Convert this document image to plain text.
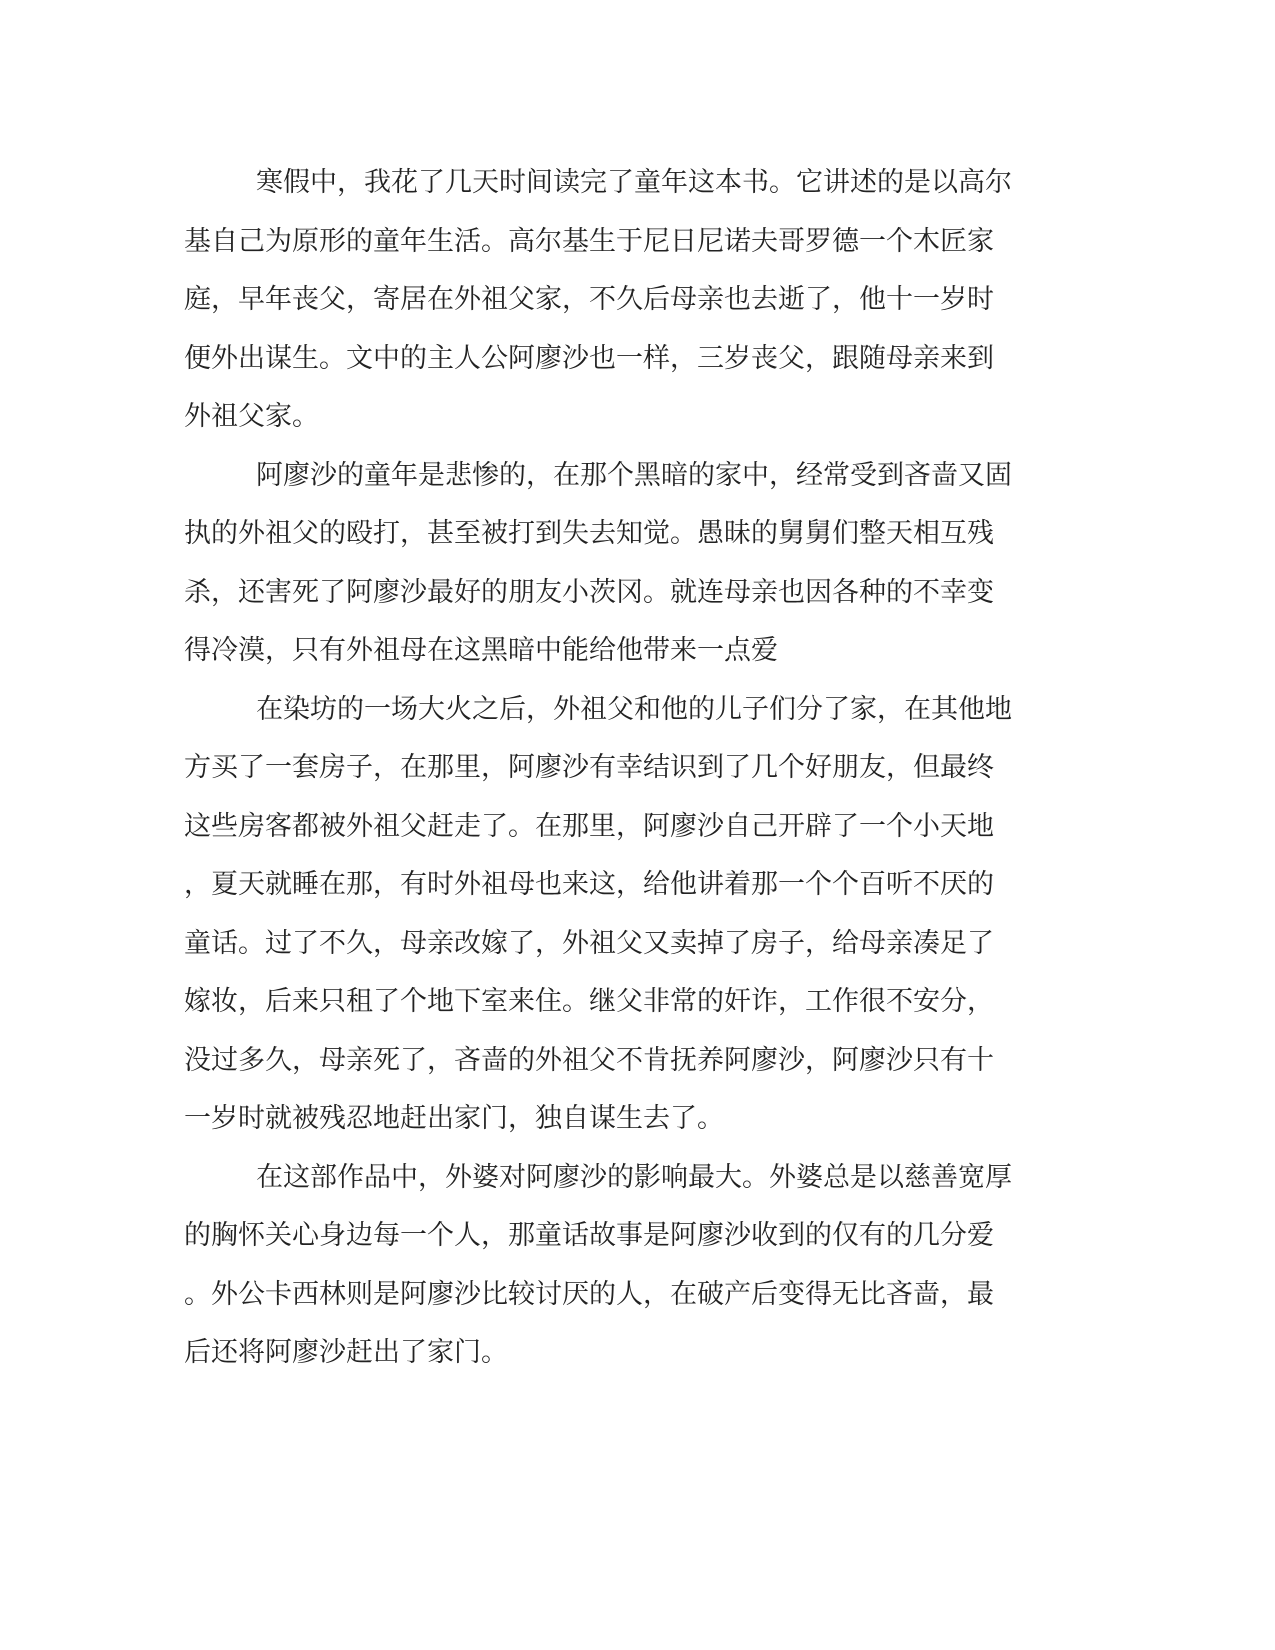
寒假中，我花了几天时间读完了童年这本书。它讲述的是以高尔
基自己为原形的童年生活。高尔基生于尼日尼诺夫哥罗德一个木匠家
庭，早年丧父，寄居在外祖父家，不久后母亲也去逝了，他十一岁时
便外出谋生。文中的主人公阿廖沙也一样，三岁丧父，跟随母亲来到
外祖父家。
阿廖沙的童年是悲惨的，在那个黑暗的家中，经常受到吝啬又固
执的外祖父的殴打，甚至被打到失去知觉。愚昧的舅舅们整天相互残
杀，还害死了阿廖沙最好的朋友小茨冈。就连母亲也因各种的不幸变
得冷漠，只有外祖母在这黑暗中能给他带来一点爱
在染坊的一场大火之后，外祖父和他的儿子们分了家，在其他地
方买了一套房子，在那里，阿廖沙有幸结识到了几个好朋友，但最终
这些房客都被外祖父赶走了。在那里，阿廖沙自己开辟了一个小天地
，夏天就睡在那，有时外祖母也来这，给他讲着那一个个百听不厌的
童话。过了不久，母亲改嫁了，外祖父又卖掉了房子，给母亲凑足了
嫁妆，后来只租了个地下室来住。继父非常的奸诈，工作很不安分，
没过多久，母亲死了，吝啬的外祖父不肯抚养阿廖沙，阿廖沙只有十
一岁时就被残忍地赶出家门，独自谋生去了。
在这部作品中，外婆对阿廖沙的影响最大。外婆总是以慈善宽厚
的胸怀关心身边每一个人，那童话故事是阿廖沙收到的仅有的几分爱
。外公卡西林则是阿廖沙比较讨厌的人，在破产后变得无比吝啬，最
后还将阿廖沙赶出了家门。
